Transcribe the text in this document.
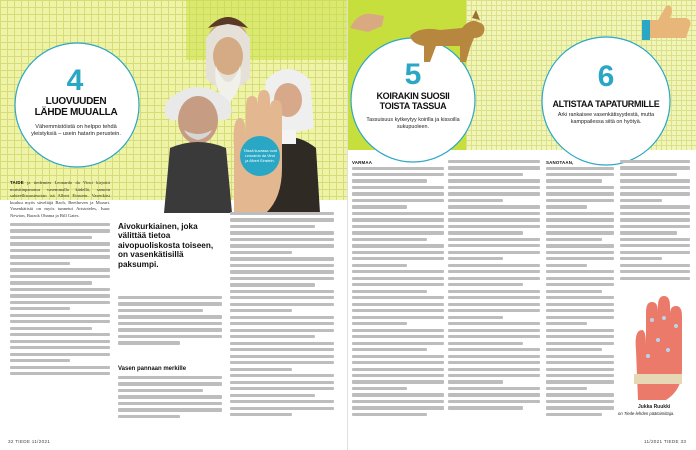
4
LUOVUUDEN
LÄHDE MUUALLA
Vähemmistöistä on helppo tehdä yleistyksiä – usein hatarin perustein.
Tässä kuvassa ovat Leonardo da Vinci ja Albert Einstein.
TAIDE ja tiedemies Leonardo da Vinci kirjoitti muistiinpanonsa vasemmalla kädellä, samoin suhteellisuusteorian isä Albert Einstein. Vasenkäsi kuuluu myös säveltäjä Bach, Beethoven ja Mozart. Vasenkätisiä on myös tunnetut Aristoteles, Isaac Newton, Barack Obama ja Bill Gates.
Aivokurkiainen, joka välittää tietoa aivopuoliskosta toiseen, on vasenkätisillä paksumpi.
Vasen pannaan merkille
32 TIEDE 11/2021
5
KOIRAKIN SUOSII
TOISTA TASSUA
Tassuisuus kytkeytyy koirilla ja kissoilla sukupuoleen.
6
ALTISTAA TAPATURMILLE
Arki rankaisee vasenkätisyydestä, mutta kamppailessa siitä on hyötyä.
VARMAA	SANOTAAN,
Jukka Ruukki
on Tiede-lehden päätoimittaja.
11/2021 TIEDE 33
